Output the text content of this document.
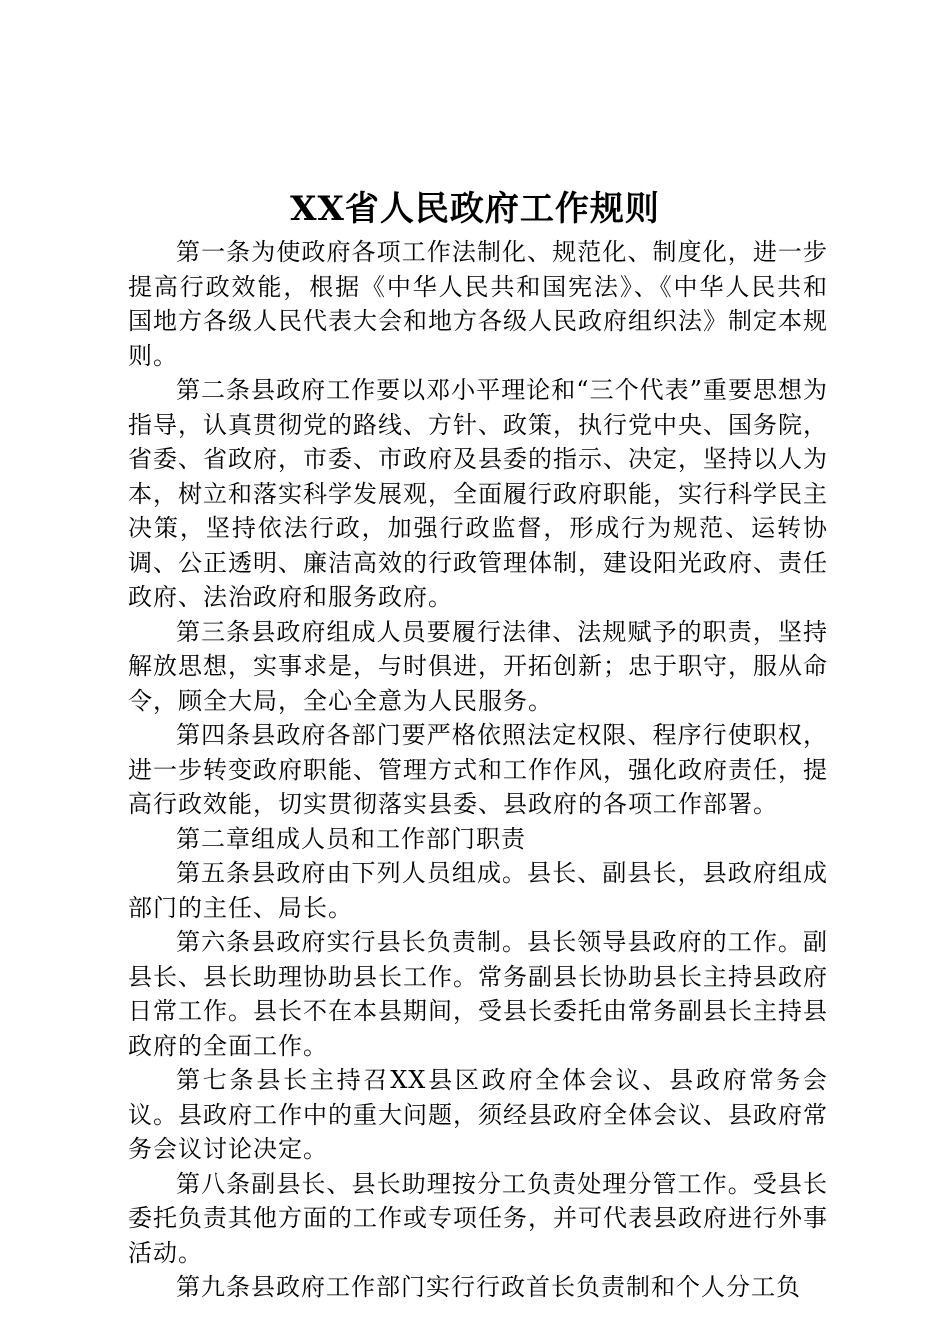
XX省人民政府工作规则

第一条为使政府各项工作法制化、规范化、制度化，进一步提高行政效能，根据《中华人民共和国宪法》、《中华人民共和国地方各级人民代表大会和地方各级人民政府组织法》制定本规则。

第二条县政府工作要以邓小平理论和“三个代表”重要思想为指导，认真贯彻党的路线、方针、政策，执行党中央、国务院，省委、省政府，市委、市政府及县委的指示、决定，坚持以人为本，树立和落实科学发展观，全面履行政府职能，实行科学民主决策，坚持依法行政，加强行政监督，形成行为规范、运转协调、公正透明、廉洁高效的行政管理体制，建设阳光政府、责任政府、法治政府和服务政府。

第三条县政府组成人员要履行法律、法规赋予的职责，坚持解放思想，实事求是，与时俱进，开拓创新；忠于职守，服从命令，顾全大局，全心全意为人民服务。

第四条县政府各部门要严格依照法定权限、程序行使职权，进一步转变政府职能、管理方式和工作作风，强化政府责任，提高行政效能，切实贯彻落实县委、县政府的各项工作部署。

第二章组成人员和工作部门职责

第五条县政府由下列人员组成。县长、副县长，县政府组成部门的主任、局长。

第六条县政府实行县长负责制。县长领导县政府的工作。副县长、县长助理协助县长工作。常务副县长协助县长主持县政府日常工作。县长不在本县期间，受县长委托由常务副县长主持县政府的全面工作。

第七条县长主持召XX县区政府全体会议、县政府常务会议。县政府工作中的重大问题，须经县政府全体会议、县政府常务会议讨论决定。

第八条副县长、县长助理按分工负责处理分管工作。受县长委托负责其他方面的工作或专项任务，并可代表县政府进行外事活动。

第九条县政府工作部门实行行政首长负责制和个人分工负
